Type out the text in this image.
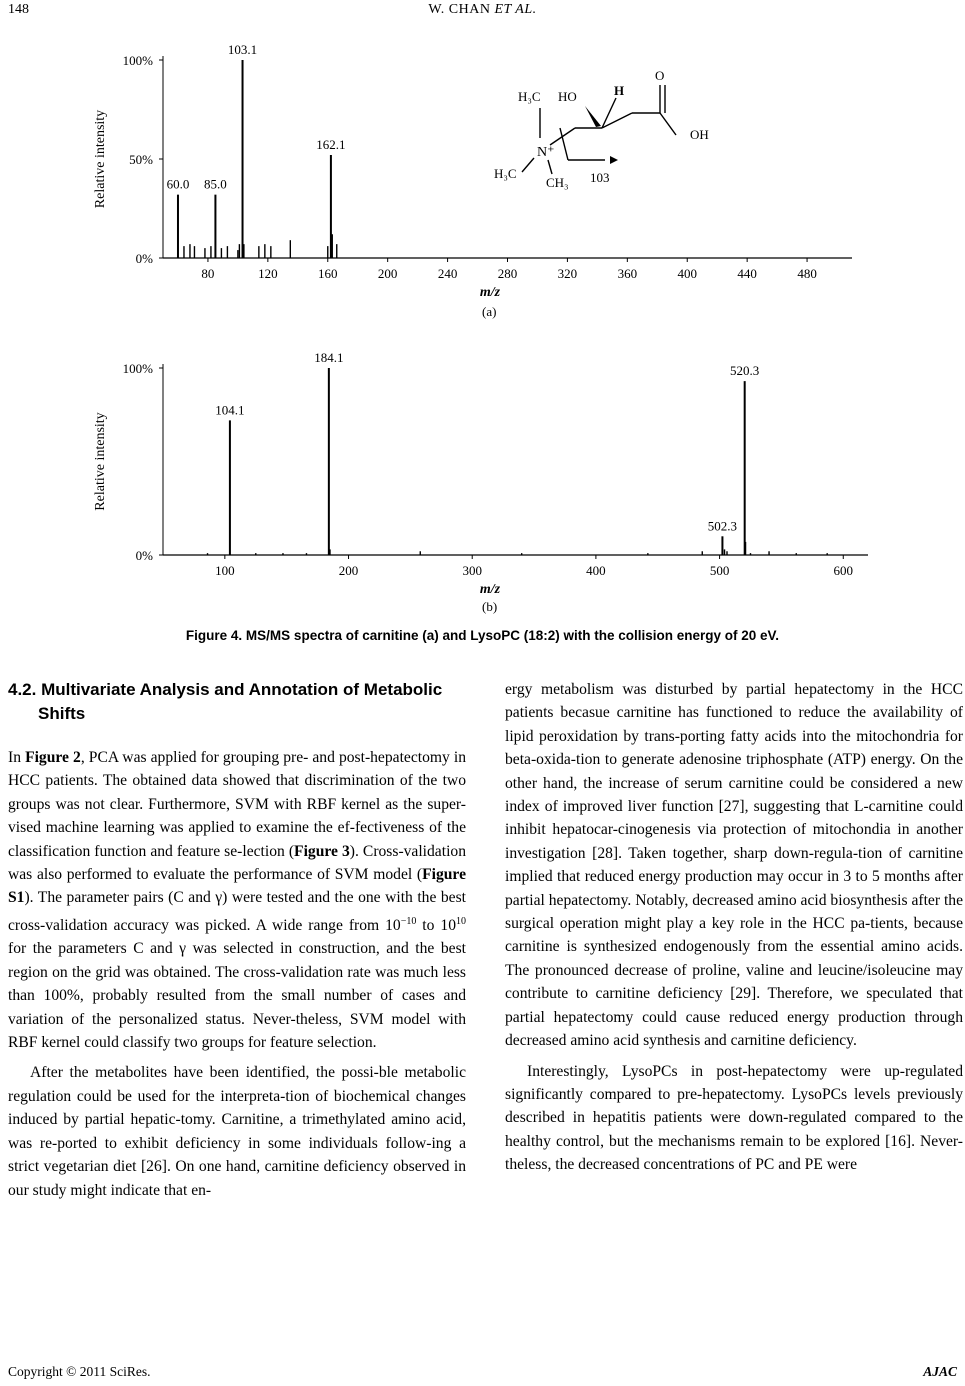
148	W. CHAN ET AL.
0%
50%
100%
80	120	160	200	240	280	320	360	400	440	480
Relative intensity
m/z
60.0 85.0
103.1
162.1
H₃C HO	H
O
OH
N⁺
H₃C
CH₃ 103
(a)
0%
100%
100	200	300	400	500	600
Relative intensity
m/z
104.1
184.1
502.3
520.3
(b)
Figure 4. MS/MS spectra of carnitine (a) and LysoPC (18:2) with the collision energy of 20 eV.
4.2. Multivariate Analysis and Annotation of Metabolic Shifts

In Figure 2, PCA was applied for grouping pre- and post-hepatectomy in HCC patients. The obtained data showed that discrimination of the two groups was not clear. Furthermore, SVM with RBF kernel as the super-vised machine learning was applied to examine the ef-fectiveness of the classification function and feature se-lection (Figure 3). Cross-validation was also performed to evaluate the performance of SVM model (Figure S1). The parameter pairs (C and γ) were tested and the one with the best cross-validation accuracy was picked. A wide range from $10^{-10}$ to $10^{10}$ for the parameters C and γ was selected in construction, and the best region on the grid was obtained. The cross-validation rate was much less than 100%, probably resulted from the small number of cases and variation of the personalized status. Never-theless, SVM model with RBF kernel could classify two groups for feature selection.

After the metabolites have been identified, the possi-ble metabolic regulation could be used for the interpreta-tion of biochemical changes induced by partial hepatic-tomy. Carnitine, a trimethylated amino acid, was re-ported to exhibit deficiency in some individuals follow-ing a strict vegetarian diet [26]. On one hand, carnitine deficiency observed in our study might indicate that en-

ergy metabolism was disturbed by partial hepatectomy in the HCC patients becasue carnitine has functioned to reduce the availability of lipid peroxidation by trans-porting fatty acids into the mitochondria for beta-oxida-tion to generate adenosine triphosphate (ATP) energy. On the other hand, the increase of serum carnitine could be considered a new index of improved liver function [27], suggesting that L-carnitine could inhibit hepatocar-cinogenesis via protection of mitochondia in another investigation [28]. Taken together, sharp down-regula-tion of carnitine implied that reduced energy production may occur in 3 to 5 months after partial hepatectomy. Notably, decreased amino acid biosynthesis after the surgical operation might play a key role in the HCC pa-tients, because carnitine is synthesized endogenously from the essential amino acids. The pronounced decrease of proline, valine and leucine/isoleucine may contribute to carnitine deficiency [29]. Therefore, we speculated that partial hepatectomy could cause reduced energy production through decreased amino acid synthesis and carnitine deficiency.

Interestingly, LysoPCs in post-hepatectomy were up-regulated significantly compared to pre-hepatectomy. LysoPCs levels previously described in hepatitis patients were down-regulated compared to the healthy control, but the mechanisms remain to be explored [16]. Never-theless, the decreased concentrations of PC and PE were

Copyright © 2011 SciRes.	AJAC
